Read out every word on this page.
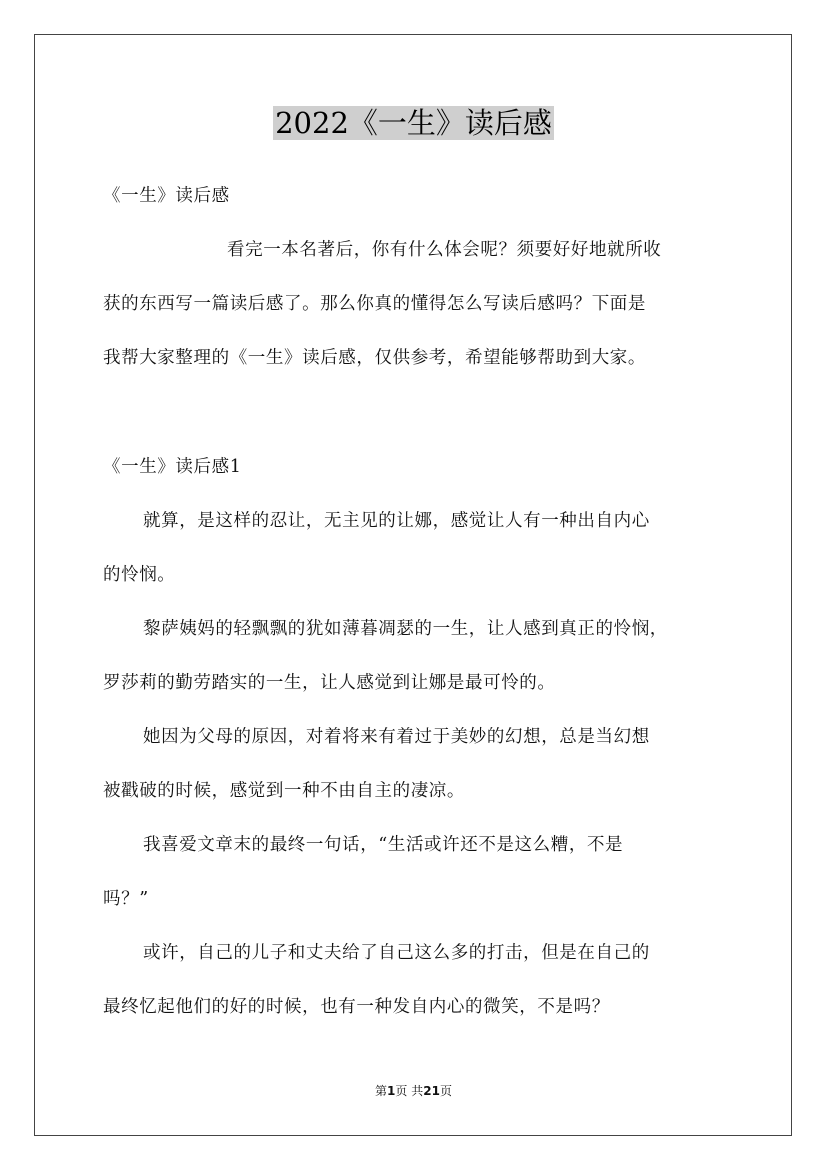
2022《一生》读后感

《一生》读后感

看完一本名著后，你有什么体会呢？须要好好地就所收

获的东西写一篇读后感了。那么你真的懂得怎么写读后感吗？下面是

我帮大家整理的《一生》读后感，仅供参考，希望能够帮助到大家。

《一生》读后感1

就算，是这样的忍让，无主见的让娜，感觉让人有一种出自内心

的怜悯。

黎萨姨妈的轻飘飘的犹如薄暮凋瑟的一生，让人感到真正的怜悯，

罗莎莉的勤劳踏实的一生，让人感觉到让娜是最可怜的。

她因为父母的原因，对着将来有着过于美妙的幻想，总是当幻想

被戳破的时候，感觉到一种不由自主的凄凉。

我喜爱文章末的最终一句话，“生活或许还不是这么糟，不是

吗？”

或许，自己的儿子和丈夫给了自己这么多的打击，但是在自己的

最终忆起他们的好的时候，也有一种发自内心的微笑，不是吗？

第1页 共21页
